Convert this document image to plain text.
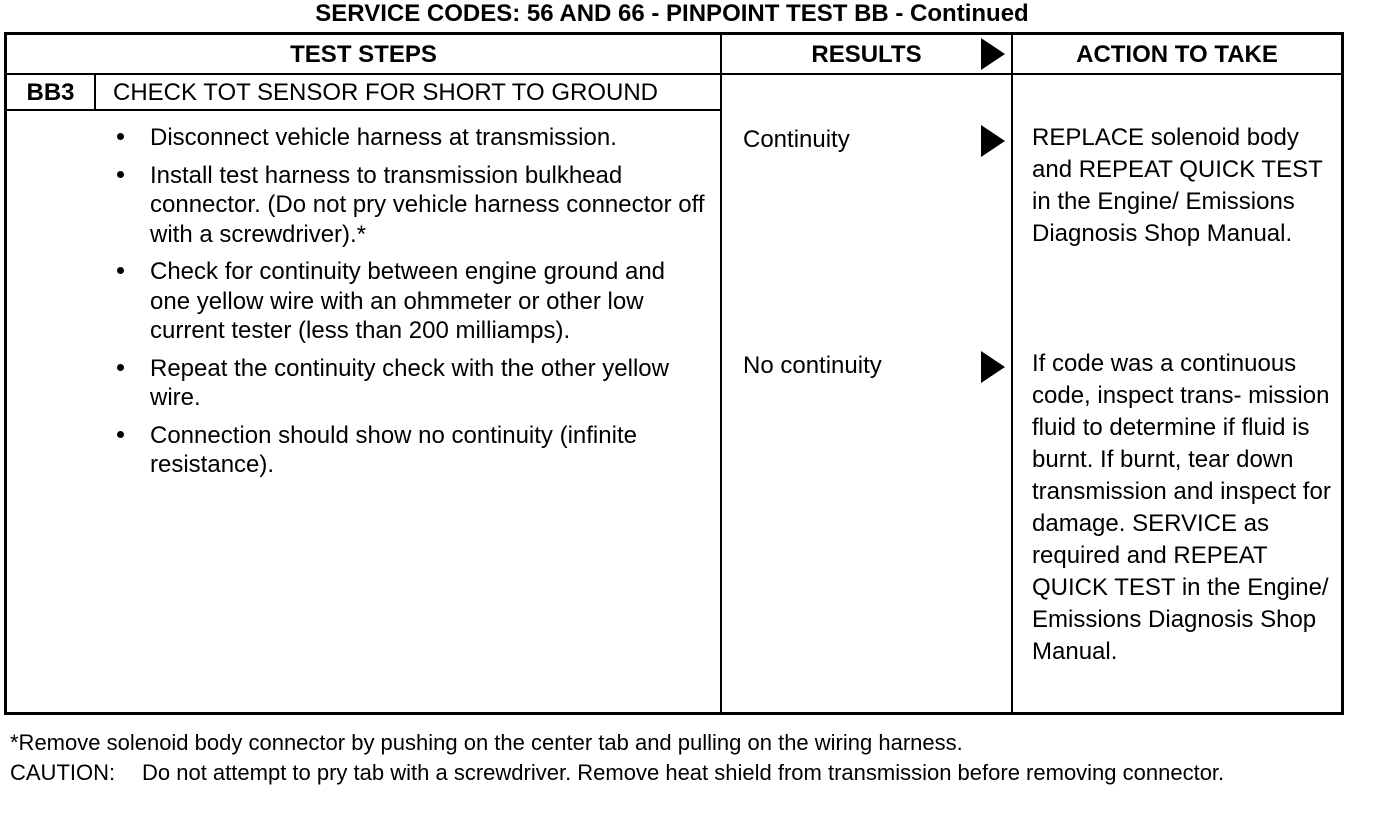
SERVICE CODES: 56 AND 66 - PINPOINT TEST BB - Continued
TEST STEPS	RESULTS	ACTION TO TAKE
BB3	CHECK TOT SENSOR FOR SHORT TO GROUND
Disconnect vehicle harness at transmission.
Install test harness to transmission bulkhead connector. (Do not pry vehicle harness connector off with a screwdriver).*
Check for continuity between engine ground and one yellow wire with an ohmmeter or other low current tester (less than 200 milliamps).
Repeat the continuity check with the other yellow wire.
Connection should show no continuity (infinite resistance).
Continuity	REPLACE solenoid body and REPEAT QUICK TEST in the Engine/ Emissions Diagnosis Shop Manual.
No continuity	If code was a continuous code, inspect trans- mission fluid to determine if fluid is burnt. If burnt, tear down transmission and inspect for damage. SERVICE as required and REPEAT QUICK TEST in the Engine/ Emissions Diagnosis Shop Manual.
*Remove solenoid body connector by pushing on the center tab and pulling on the wiring harness.
CAUTION: Do not attempt to pry tab with a screwdriver. Remove heat shield from transmission before removing connector.
